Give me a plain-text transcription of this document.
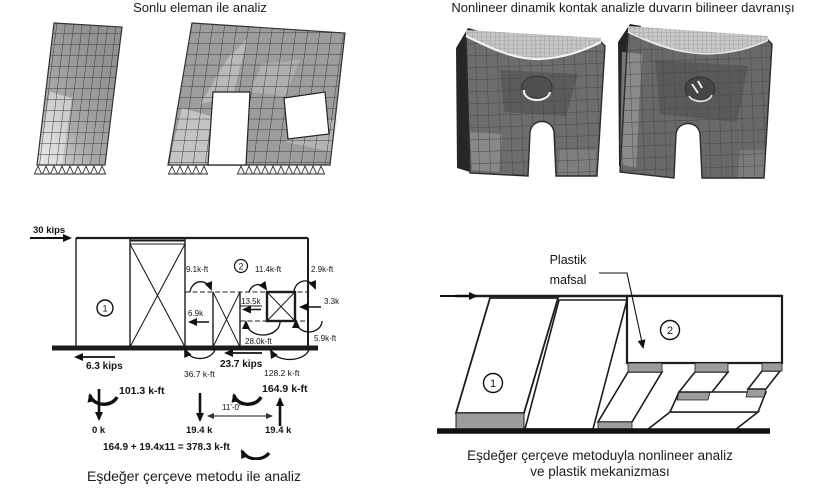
Sonlu eleman ile analiz	Nonlineer dinamik kontak analizle duvarın bilineer davranışı
30 kips
1
2
9.1k-ft	11.4k-ft	2.9k-ft
28.0k-ft	5.9k-ft
13.5k	3.3k
6.9k
6.3 kips	23.7 kips
36.7 k-ft	128.2 k-ft
101.3 k-ft	164.9 k-ft
0 k	19.4 k	19.4 k
11'-0"
164.9 + 19.4x11 = 378.3 k-ft
Eşdeğer çerçeve metodu ile analiz
Plastik
mafsal
1
2
Eşdeğer çerçeve metoduyla nonlineer analiz
ve plastik mekanizması
